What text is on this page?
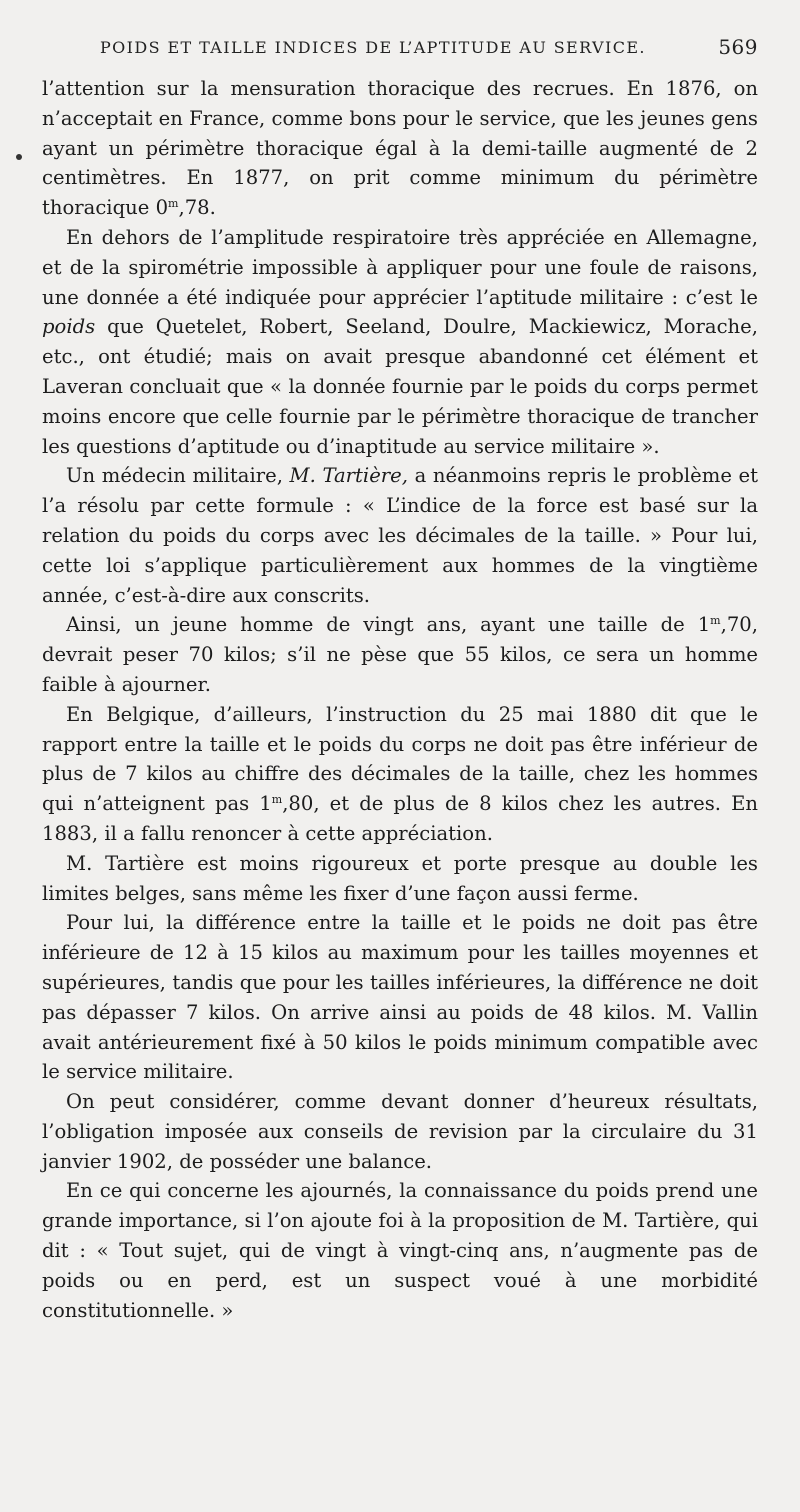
POIDS ET TAILLE INDICES DE L’APTITUDE AU SERVICE.	569

l’attention sur la mensuration thoracique des recrues. En 1876, on n’acceptait en France, comme bons pour le service, que les jeunes gens ayant un périmètre thoracique égal à la demi-taille augmenté de 2 centimètres. En 1877, on prit comme minimum du périmètre thoracique 0$^m$,78.

En dehors de l’amplitude respiratoire très appréciée en Allemagne, et de la spirométrie impossible à appliquer pour une foule de raisons, une donnée a été indiquée pour apprécier l’aptitude militaire : c’est le poids que Quetelet, Robert, Seeland, Doulre, Mackiewicz, Morache, etc., ont étudié; mais on avait presque abandonné cet élément et Laveran concluait que « la donnée fournie par le poids du corps permet moins encore que celle fournie par le périmètre thoracique de trancher les questions d’aptitude ou d’inaptitude au service militaire ».

Un médecin militaire, M. Tartière, a néanmoins repris le problème et l’a résolu par cette formule : « L’indice de la force est basé sur la relation du poids du corps avec les décimales de la taille. » Pour lui, cette loi s’applique particulièrement aux hommes de la vingtième année, c’est-à-dire aux conscrits.

Ainsi, un jeune homme de vingt ans, ayant une taille de 1$^m$,70, devrait peser 70 kilos; s’il ne pèse que 55 kilos, ce sera un homme faible à ajourner.

En Belgique, d’ailleurs, l’instruction du 25 mai 1880 dit que le rapport entre la taille et le poids du corps ne doit pas être inférieur de plus de 7 kilos au chiffre des décimales de la taille, chez les hommes qui n’atteignent pas 1$^m$,80, et de plus de 8 kilos chez les autres. En 1883, il a fallu renoncer à cette appréciation.

M. Tartière est moins rigoureux et porte presque au double les limites belges, sans même les fixer d’une façon aussi ferme.

Pour lui, la différence entre la taille et le poids ne doit pas être inférieure de 12 à 15 kilos au maximum pour les tailles moyennes et supérieures, tandis que pour les tailles inférieures, la différence ne doit pas dépasser 7 kilos. On arrive ainsi au poids de 48 kilos. M. Vallin avait antérieurement fixé à 50 kilos le poids minimum compatible avec le service militaire.

On peut considérer, comme devant donner d’heureux résultats, l’obligation imposée aux conseils de revision par la circulaire du 31 janvier 1902, de posséder une balance.

En ce qui concerne les ajournés, la connaissance du poids prend une grande importance, si l’on ajoute foi à la proposition de M. Tartière, qui dit : « Tout sujet, qui de vingt à vingt-cinq ans, n’augmente pas de poids ou en perd, est un suspect voué à une morbidité constitutionnelle. »
